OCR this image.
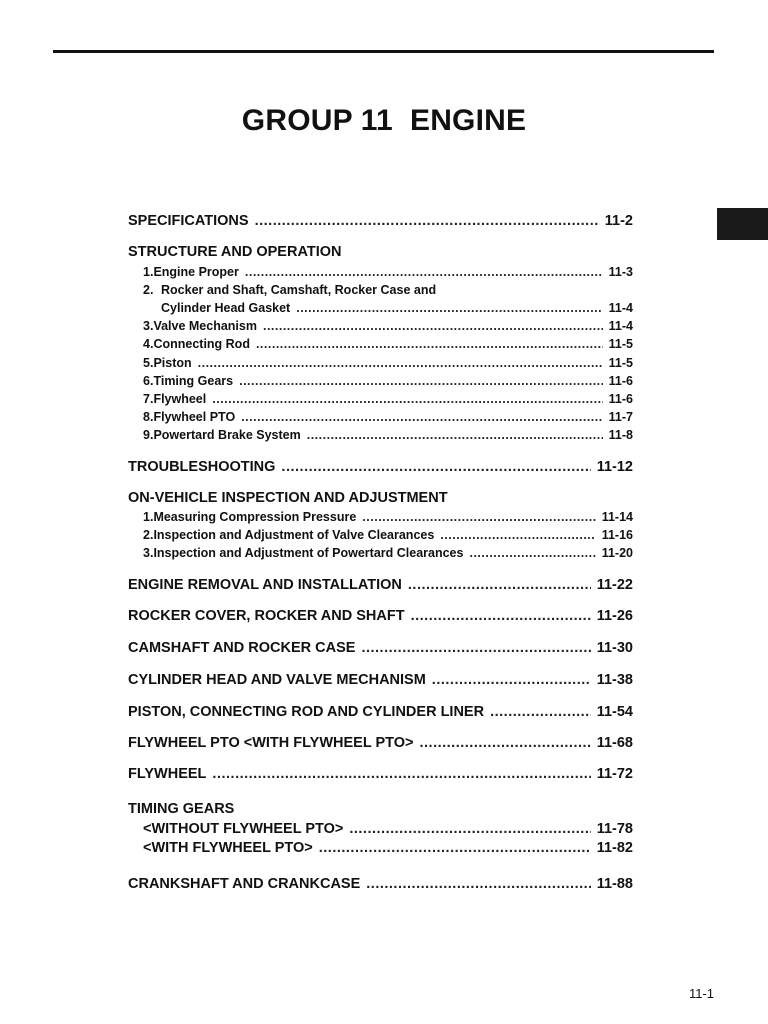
GROUP 11  ENGINE
SPECIFICATIONS .....	11-2
STRUCTURE AND OPERATION
1. Engine Proper .....	11-3
2. Rocker and Shaft, Camshaft, Rocker Case and
Cylinder Head Gasket .....	11-4
3. Valve Mechanism .....	11-4
4. Connecting Rod .....	11-5
5. Piston .....	11-5
6. Timing Gears .....	11-6
7. Flywheel .....	11-6
8. Flywheel PTO .....	11-7
9. Powertard Brake System .....	11-8
TROUBLESHOOTING .....	11-12
ON-VEHICLE INSPECTION AND ADJUSTMENT
1. Measuring Compression Pressure .....	11-14
2. Inspection and Adjustment of Valve Clearances .....	11-16
3. Inspection and Adjustment of Powertard Clearances .....	11-20
ENGINE REMOVAL AND INSTALLATION .....	11-22
ROCKER COVER, ROCKER AND SHAFT .....	11-26
CAMSHAFT AND ROCKER CASE .....	11-30
CYLINDER HEAD AND VALVE MECHANISM .....	11-38
PISTON, CONNECTING ROD AND CYLINDER LINER .....	11-54
FLYWHEEL PTO <WITH FLYWHEEL PTO> .....	11-68
FLYWHEEL .....	11-72
TIMING GEARS
<WITHOUT FLYWHEEL PTO> .....	11-78
<WITH FLYWHEEL PTO> .....	11-82
CRANKSHAFT AND CRANKCASE .....	11-88
11-1
